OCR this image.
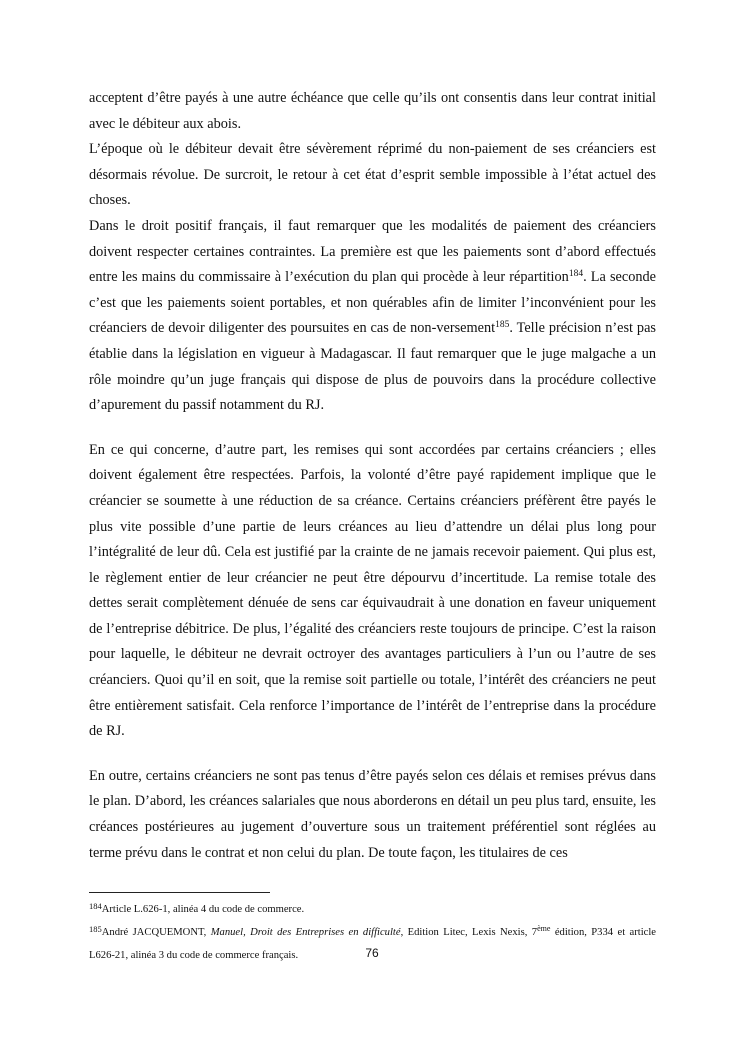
acceptent d’être payés à une autre échéance que celle qu’ils ont consentis dans leur contrat initial avec le débiteur aux abois.

L’époque où le débiteur devait être sévèrement réprimé du non-paiement de ses créanciers est désormais révolue. De surcroit, le retour à cet état d’esprit semble impossible à l’état actuel des choses.

Dans le droit positif français, il faut remarquer que les modalités de paiement des créanciers doivent respecter certaines contraintes. La première est que les paiements sont d’abord effectués entre les mains du commissaire à l’exécution du plan qui procède à leur répartition$^{184}$. La seconde c’est que les paiements soient portables, et non quérables afin de limiter l’inconvénient pour les créanciers de devoir diligenter des poursuites en cas de non-versement$^{185}$. Telle précision n’est pas établie dans la législation en vigueur à Madagascar. Il faut remarquer que le juge malgache a un rôle moindre qu’un juge français qui dispose de plus de pouvoirs dans la procédure collective d’apurement du passif notamment du RJ.

En ce qui concerne, d’autre part, les remises qui sont accordées par certains créanciers ; elles doivent également être respectées. Parfois, la volonté d’être payé rapidement implique que le créancier se soumette à une réduction de sa créance. Certains créanciers préfèrent être payés le plus vite possible d’une partie de leurs créances au lieu d’attendre un délai plus long pour l’intégralité de leur dû. Cela est justifié par la crainte de ne jamais recevoir paiement. Qui plus est, le règlement entier de leur créancier ne peut être dépourvu d’incertitude. La remise totale des dettes serait complètement dénuée de sens car équivaudrait à une donation en faveur uniquement de l’entreprise débitrice. De plus, l’égalité des créanciers reste toujours de principe. C’est la raison pour laquelle, le débiteur ne devrait octroyer des avantages particuliers à l’un ou l’autre de ses créanciers. Quoi qu’il en soit, que la remise soit partielle ou totale, l’intérêt des créanciers ne peut être entièrement satisfait. Cela renforce l’importance de l’intérêt de l’entreprise dans la procédure de RJ.

En outre, certains créanciers ne sont pas tenus d’être payés selon ces délais et remises prévus dans le plan. D’abord, les créances salariales que nous aborderons en détail un peu plus tard, ensuite, les créances postérieures au jugement d’ouverture sous un traitement préférentiel sont réglées au terme prévu dans le contrat et non celui du plan. De toute façon, les titulaires de ces

$^{184}$Article L.626-1, alinéa 4 du code de commerce.

$^{185}$André JACQUEMONT, Manuel, Droit des Entreprises en difficulté, Edition Litec, Lexis Nexis, 7ème édition, P334 et article L626-21, alinéa 3 du code de commerce français.	76
